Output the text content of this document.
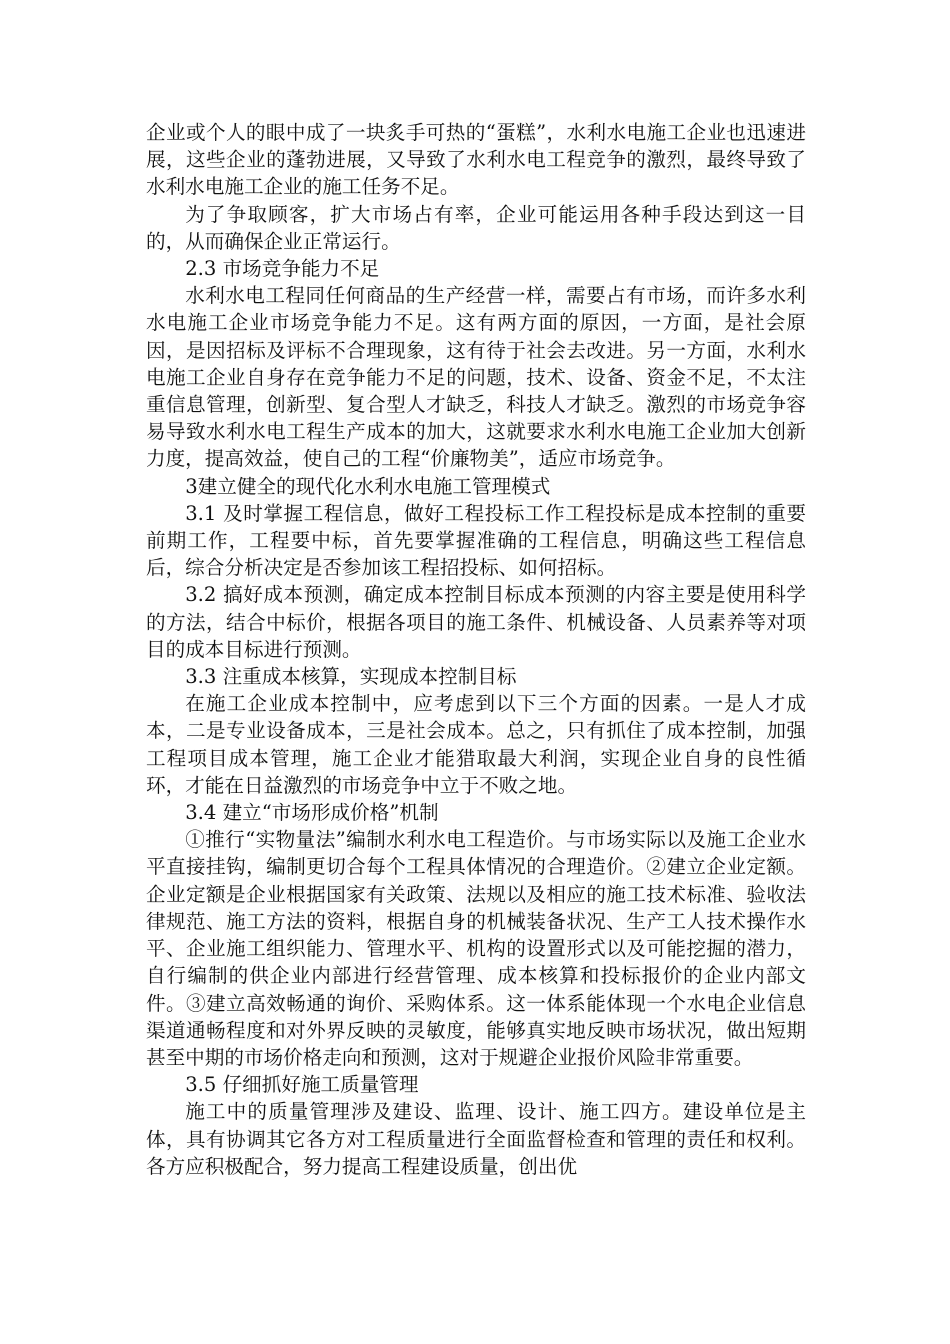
企业或个人的眼中成了一块炙手可热的“蛋糕”，水利水电施工企业也迅速进展，这些企业的蓬勃进展，又导致了水利水电工程竞争的激烈，最终导致了水利水电施工企业的施工任务不足。

为了争取顾客，扩大市场占有率，企业可能运用各种手段达到这一目的，从而确保企业正常运行。

2.3 市场竞争能力不足

水利水电工程同任何商品的生产经营一样，需要占有市场，而许多水利水电施工企业市场竞争能力不足。这有两方面的原因，一方面，是社会原因，是因招标及评标不合理现象，这有待于社会去改进。另一方面，水利水电施工企业自身存在竞争能力不足的问题，技术、设备、资金不足，不太注重信息管理，创新型、复合型人才缺乏，科技人才缺乏。激烈的市场竞争容易导致水利水电工程生产成本的加大，这就要求水利水电施工企业加大创新力度，提高效益，使自己的工程“价廉物美”，适应市场竞争。

3建立健全的现代化水利水电施工管理模式

3.1 及时掌握工程信息，做好工程投标工作工程投标是成本控制的重要前期工作，工程要中标，首先要掌握准确的工程信息，明确这些工程信息后，综合分析决定是否参加该工程招投标、如何招标。

3.2 搞好成本预测，确定成本控制目标成本预测的内容主要是使用科学的方法，结合中标价，根据各项目的施工条件、机械设备、人员素养等对项目的成本目标进行预测。

3.3 注重成本核算，实现成本控制目标

在施工企业成本控制中，应考虑到以下三个方面的因素。一是人才成本，二是专业设备成本，三是社会成本。总之，只有抓住了成本控制，加强工程项目成本管理，施工企业才能猎取最大利润，实现企业自身的良性循环，才能在日益激烈的市场竞争中立于不败之地。

3.4 建立“市场形成价格”机制

①推行“实物量法”编制水利水电工程造价。与市场实际以及施工企业水平直接挂钩，编制更切合每个工程具体情况的合理造价。②建立企业定额。企业定额是企业根据国家有关政策、法规以及相应的施工技术标准、验收法律规范、施工方法的资料，根据自身的机械装备状况、生产工人技术操作水平、企业施工组织能力、管理水平、机构的设置形式以及可能挖掘的潜力，自行编制的供企业内部进行经营管理、成本核算和投标报价的企业内部文件。③建立高效畅通的询价、采购体系。这一体系能体现一个水电企业信息渠道通畅程度和对外界反映的灵敏度，能够真实地反映市场状况，做出短期甚至中期的市场价格走向和预测，这对于规避企业报价风险非常重要。

3.5 仔细抓好施工质量管理

施工中的质量管理涉及建设、监理、设计、施工四方。建设单位是主体，具有协调其它各方对工程质量进行全面监督检查和管理的责任和权利。各方应积极配合，努力提高工程建设质量，创出优
